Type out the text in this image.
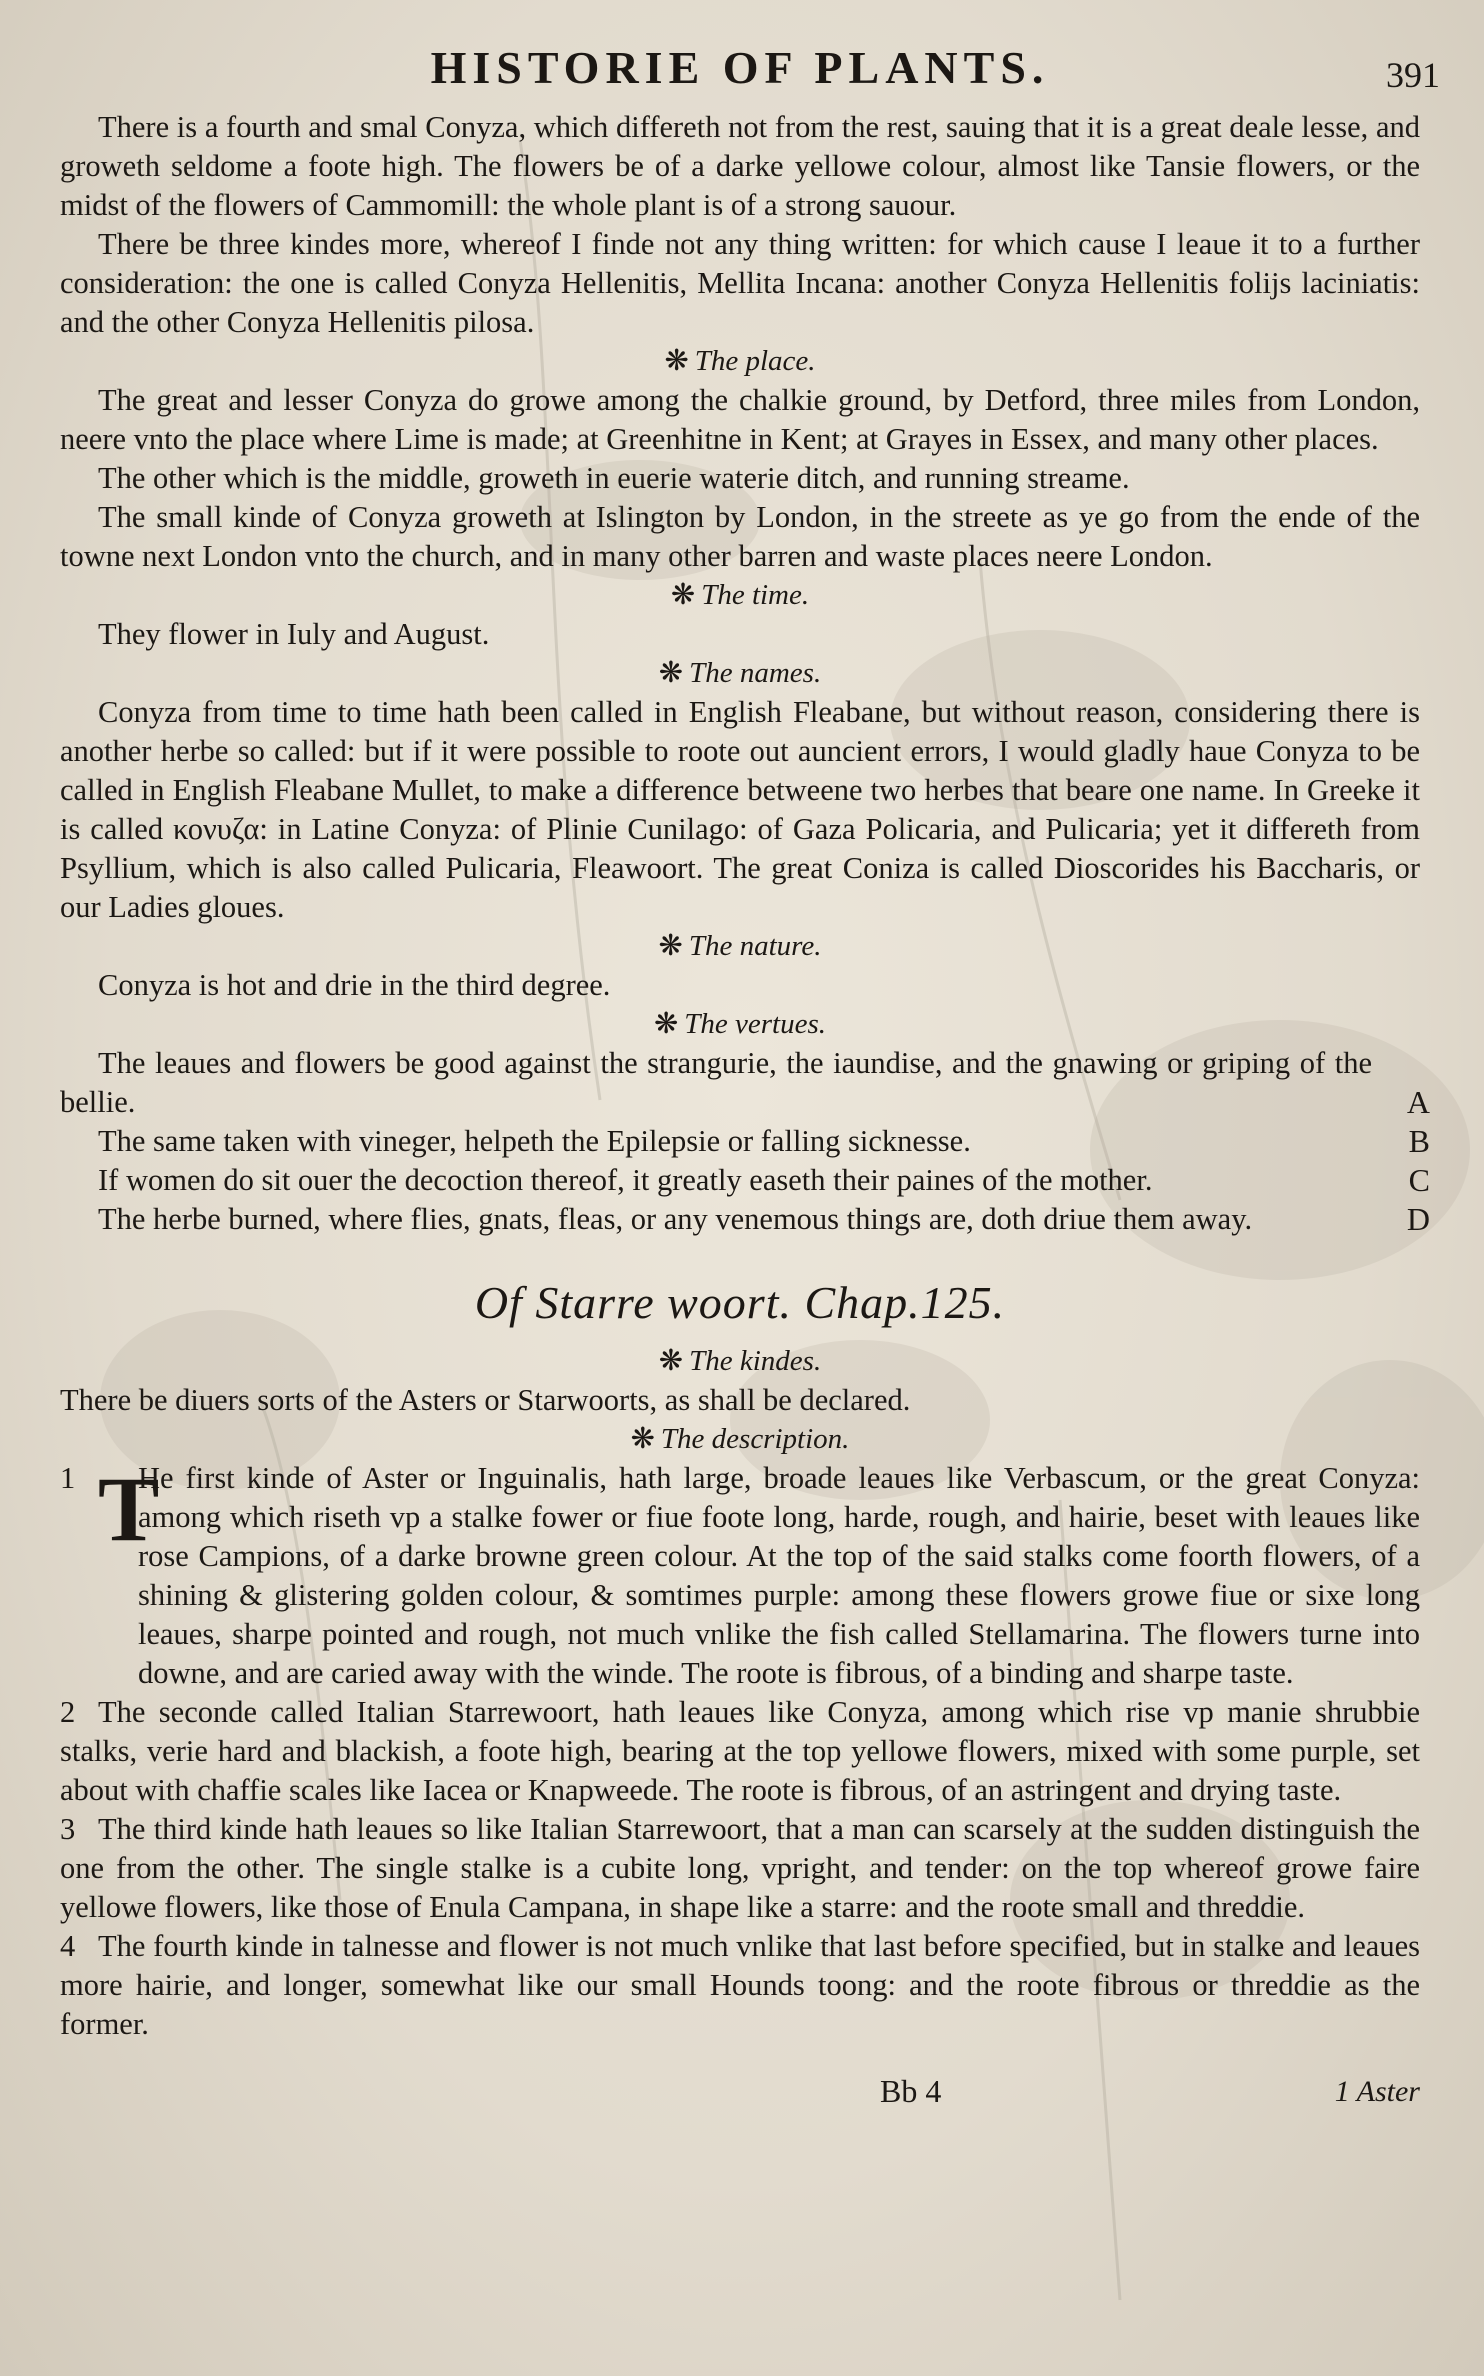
HISTORIE OF PLANTS.	391

There is a fourth and smal Conyza, which differeth not from the rest, sauing that it is a great deale lesse, and groweth seldome a foote high. The flowers be of a darke yellowe colour, almost like Tansie flowers, or the midst of the flowers of Cammomill: the whole plant is of a strong sauour.

There be three kindes more, whereof I finde not any thing written: for which cause I leaue it to a further consideration: the one is called Conyza Hellenitis, Mellita Incana: another Conyza Hellenitis folijs laciniatis: and the other Conyza Hellenitis pilosa.

❋ The place.

The great and lesser Conyza do growe among the chalkie ground, by Detford, three miles from London, neere vnto the place where Lime is made; at Greenhitne in Kent; at Grayes in Essex, and many other places.

The other which is the middle, groweth in euerie waterie ditch, and running streame.

The small kinde of Conyza groweth at Islington by London, in the streete as ye go from the ende of the towne next London vnto the church, and in many other barren and waste places neere London.

❋ The time.

They flower in Iuly and August.

❋ The names.

Conyza from time to time hath been called in English Fleabane, but without reason, considering there is another herbe so called: but if it were possible to roote out auncient errors, I would gladly haue Conyza to be called in English Fleabane Mullet, to make a difference betweene two herbes that beare one name. In Greeke it is called κονυζα: in Latine Conyza: of Plinie Cunilago: of Gaza Policaria, and Pulicaria; yet it differeth from Psyllium, which is also called Pulicaria, Fleawoort. The great Coniza is called Dioscorides his Baccharis, or our Ladies gloues.

❋ The nature.

Conyza is hot and drie in the third degree.

❋ The vertues.

The leaues and flowers be good against the strangurie, the iaundise, and the gnawing or griping of the bellie.	A

The same taken with vineger, helpeth the Epilepsie or falling sicknesse.	B

If women do sit ouer the decoction thereof, it greatly easeth their paines of the mother.	C

The herbe burned, where flies, gnats, fleas, or any venemous things are, doth driue them away.	D

Of Starre woort. Chap.125.

❋ The kindes.

There be diuers sorts of the Asters or Starwoorts, as shall be declared.

❋ The description.

1 T

He first kinde of Aster or Inguinalis, hath large, broade leaues like Verbascum, or the great Conyza: among which riseth vp a stalke fower or fiue foote long, harde, rough, and hairie, beset with leaues like rose Campions, of a darke browne green colour. At the top of the said stalks come foorth flowers, of a shining & glistering golden colour, & somtimes purple: among these flowers growe fiue or sixe long leaues, sharpe pointed and rough, not much vnlike the fish called Stellamarina. The flowers turne into downe, and are caried away with the winde. The roote is fibrous, of a binding and sharpe taste.

2 The seconde called Italian Starrewoort, hath leaues like Conyza, among which rise vp manie shrubbie stalks, verie hard and blackish, a foote high, bearing at the top yellowe flowers, mixed with some purple, set about with chaffie scales like Iacea or Knapweede. The roote is fibrous, of an astringent and drying taste.

3 The third kinde hath leaues so like Italian Starrewoort, that a man can scarsely at the sudden distinguish the one from the other. The single stalke is a cubite long, vpright, and tender: on the top whereof growe faire yellowe flowers, like those of Enula Campana, in shape like a starre: and the roote small and threddie.

4 The fourth kinde in talnesse and flower is not much vnlike that last before specified, but in stalke and leaues more hairie, and longer, somewhat like our small Hounds toong: and the roote fibrous or threddie as the former.

Bb 4	1 Aster
